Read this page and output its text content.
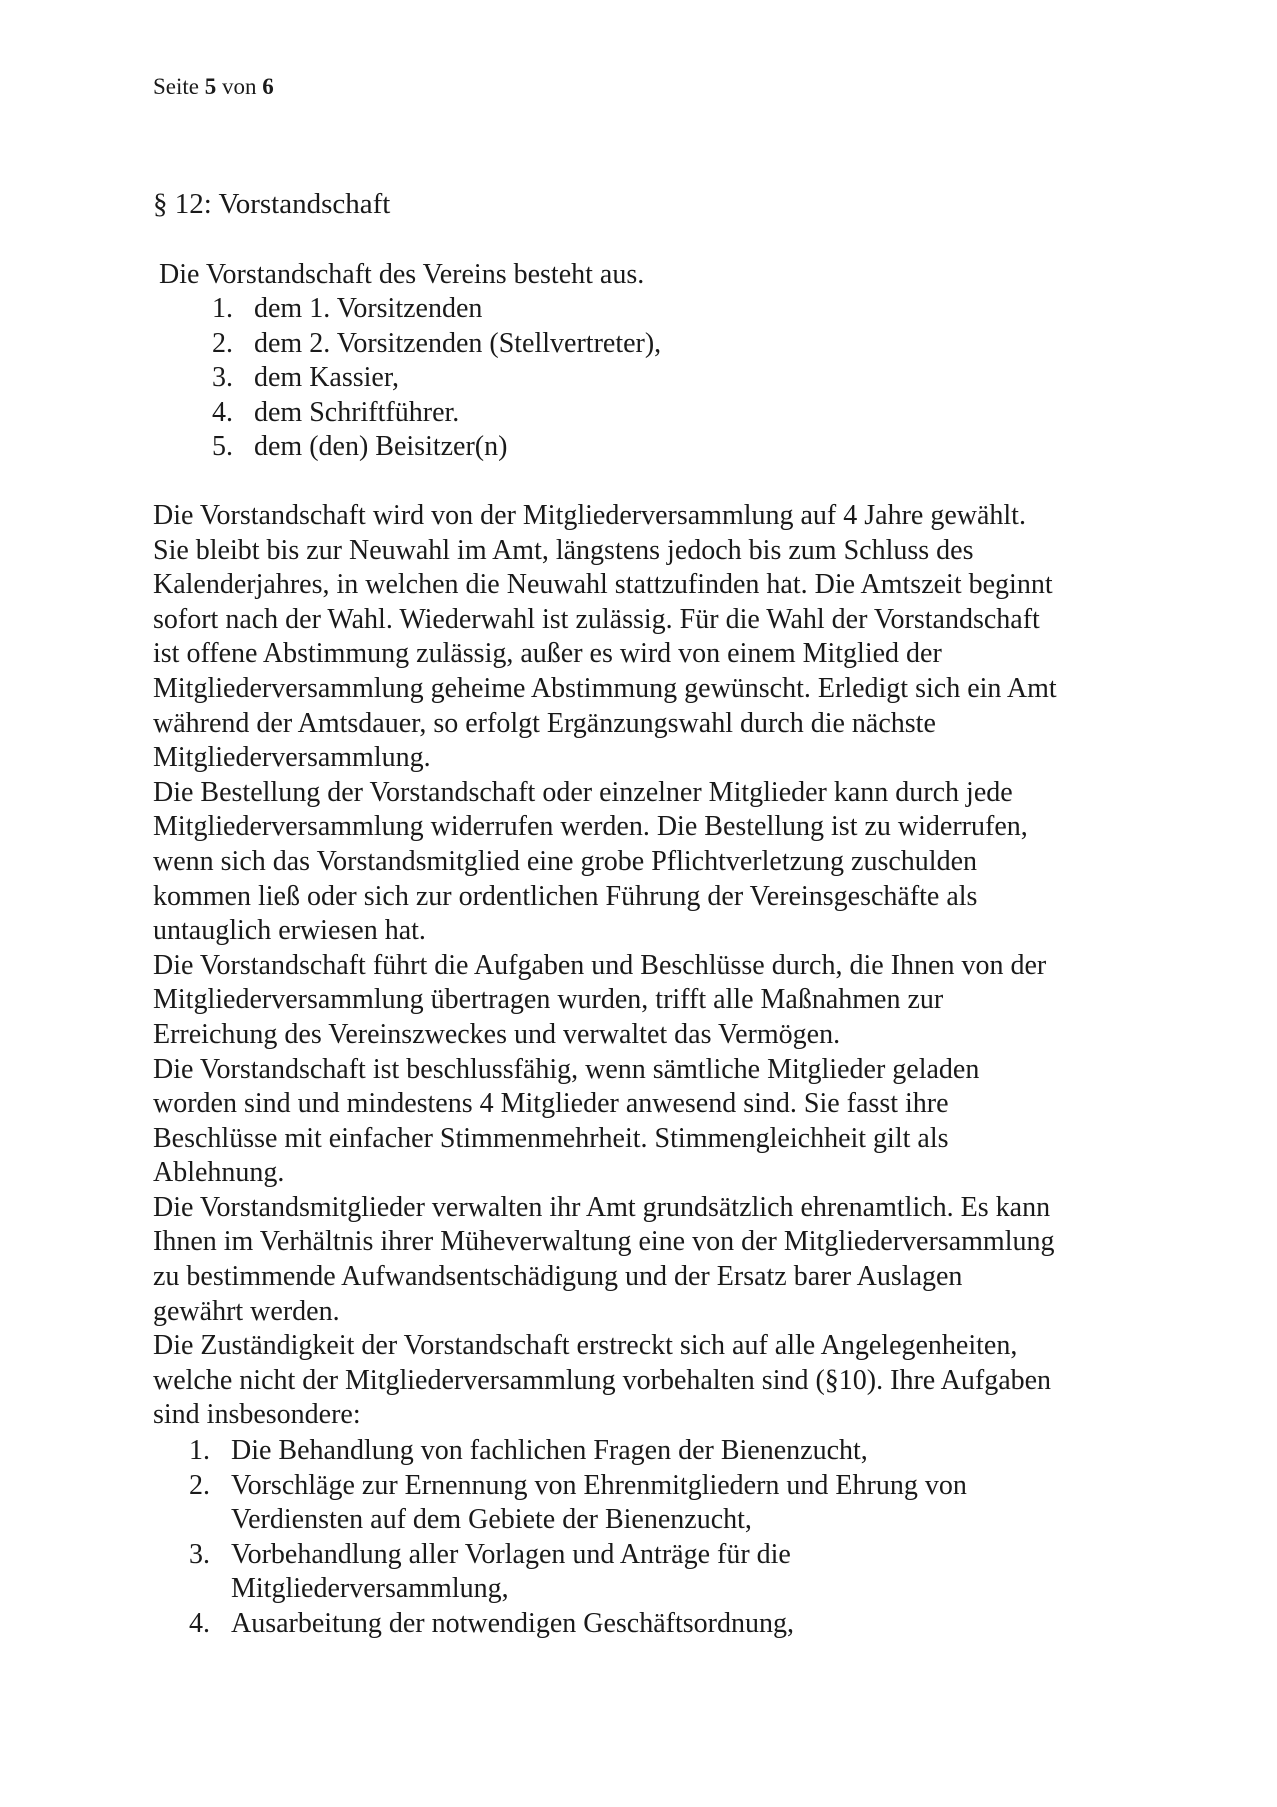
Seite 5 von 6
§ 12: Vorstandschaft
Die Vorstandschaft des Vereins besteht aus.
1. dem 1. Vorsitzenden
2. dem 2. Vorsitzenden (Stellvertreter),
3. dem Kassier,
4. dem Schriftführer.
5. dem (den) Beisitzer(n)
Die Vorstandschaft wird von der Mitgliederversammlung auf 4 Jahre gewählt.
Sie bleibt bis zur Neuwahl im Amt, längstens jedoch bis zum Schluss des
Kalenderjahres, in welchen die Neuwahl stattzufinden hat. Die Amtszeit beginnt
sofort nach der Wahl. Wiederwahl ist zulässig. Für die Wahl der Vorstandschaft
ist offene Abstimmung zulässig, außer es wird von einem Mitglied der
Mitgliederversammlung geheime Abstimmung gewünscht. Erledigt sich ein Amt
während der Amtsdauer, so erfolgt Ergänzungswahl durch die nächste
Mitgliederversammlung.
Die Bestellung der Vorstandschaft oder einzelner Mitglieder kann durch jede
Mitgliederversammlung widerrufen werden. Die Bestellung ist zu widerrufen,
wenn sich das Vorstandsmitglied eine grobe Pflichtverletzung zuschulden
kommen ließ oder sich zur ordentlichen Führung der Vereinsgeschäfte als
untauglich erwiesen hat.
Die Vorstandschaft führt die Aufgaben und Beschlüsse durch, die Ihnen von der
Mitgliederversammlung übertragen wurden, trifft alle Maßnahmen zur
Erreichung des Vereinszweckes und verwaltet das Vermögen.
Die Vorstandschaft ist beschlussfähig, wenn sämtliche Mitglieder geladen
worden sind und mindestens 4 Mitglieder anwesend sind. Sie fasst ihre
Beschlüsse mit einfacher Stimmenmehrheit. Stimmengleichheit gilt als
Ablehnung.
Die Vorstandsmitglieder verwalten ihr Amt grundsätzlich ehrenamtlich. Es kann
Ihnen im Verhältnis ihrer Müheverwaltung eine von der Mitgliederversammlung
zu bestimmende Aufwandsentschädigung und der Ersatz barer Auslagen
gewährt werden.
Die Zuständigkeit der Vorstandschaft erstreckt sich auf alle Angelegenheiten,
welche nicht der Mitgliederversammlung vorbehalten sind (§10). Ihre Aufgaben
sind insbesondere:
1. Die Behandlung von fachlichen Fragen der Bienenzucht,
2. Vorschläge zur Ernennung von Ehrenmitgliedern und Ehrung von
Verdiensten auf dem Gebiete der Bienenzucht,
3. Vorbehandlung aller Vorlagen und Anträge für die
Mitgliederversammlung,
4. Ausarbeitung der notwendigen Geschäftsordnung,
